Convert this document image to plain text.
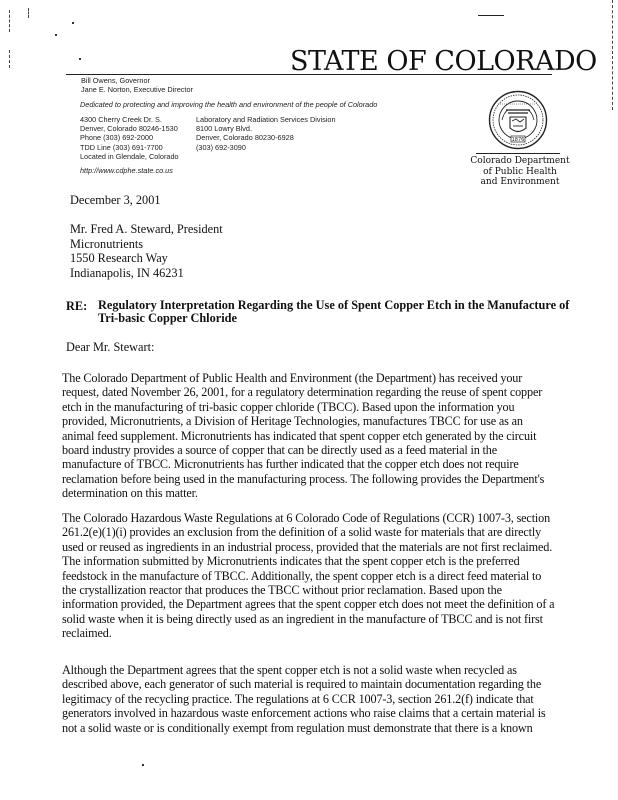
STATE OF COLORADO
Bill Owens, Governor
Jane E. Norton, Executive Director
Dedicated to protecting and improving the health and environment of the people of Colorado
4300 Cherry Creek Dr. S.
Denver, Colorado 80246-1530
Phone (303) 692-2000
TDD Line (303) 691-7700
Located in Glendale, Colorado
Laboratory and Radiation Services Division
8100 Lowry Blvd.
Denver, Colorado 80230-6928
(303) 692-3090
http://www.cdphe.state.co.us
1876
Colorado Department
of Public Health
and Environment
December 3, 2001
Mr. Fred A. Steward, President
Micronutrients
1550 Research Way
Indianapolis, IN 46231
RE: Regulatory Interpretation Regarding the Use of Spent Copper Etch in the Manufacture of Tri-basic Copper Chloride
Dear Mr. Stewart:
The Colorado Department of Public Health and Environment (the Department) has received your
request, dated November 26, 2001, for a regulatory determination regarding the reuse of spent copper
etch in the manufacturing of tri-basic copper chloride (TBCC). Based upon the information you
provided, Micronutrients, a Division of Heritage Technologies, manufactures TBCC for use as an
animal feed supplement. Micronutrients has indicated that spent copper etch generated by the circuit
board industry provides a source of copper that can be directly used as a feed material in the
manufacture of TBCC. Micronutrients has further indicated that the copper etch does not require
reclamation before being used in the manufacturing process. The following provides the Department's
determination on this matter.
The Colorado Hazardous Waste Regulations at 6 Colorado Code of Regulations (CCR) 1007-3, section
261.2(e)(1)(i) provides an exclusion from the definition of a solid waste for materials that are directly
used or reused as ingredients in an industrial process, provided that the materials are not first reclaimed.
The information submitted by Micronutrients indicates that the spent copper etch is the preferred
feedstock in the manufacture of TBCC. Additionally, the spent copper etch is a direct feed material to
the crystallization reactor that produces the TBCC without prior reclamation. Based upon the
information provided, the Department agrees that the spent copper etch does not meet the definition of a
solid waste when it is being directly used as an ingredient in the manufacture of TBCC and is not first
reclaimed.
Although the Department agrees that the spent copper etch is not a solid waste when recycled as
described above, each generator of such material is required to maintain documentation regarding the
legitimacy of the recycling practice. The regulations at 6 CCR 1007-3, section 261.2(f) indicate that
generators involved in hazardous waste enforcement actions who raise claims that a certain material is
not a solid waste or is conditionally exempt from regulation must demonstrate that there is a known
